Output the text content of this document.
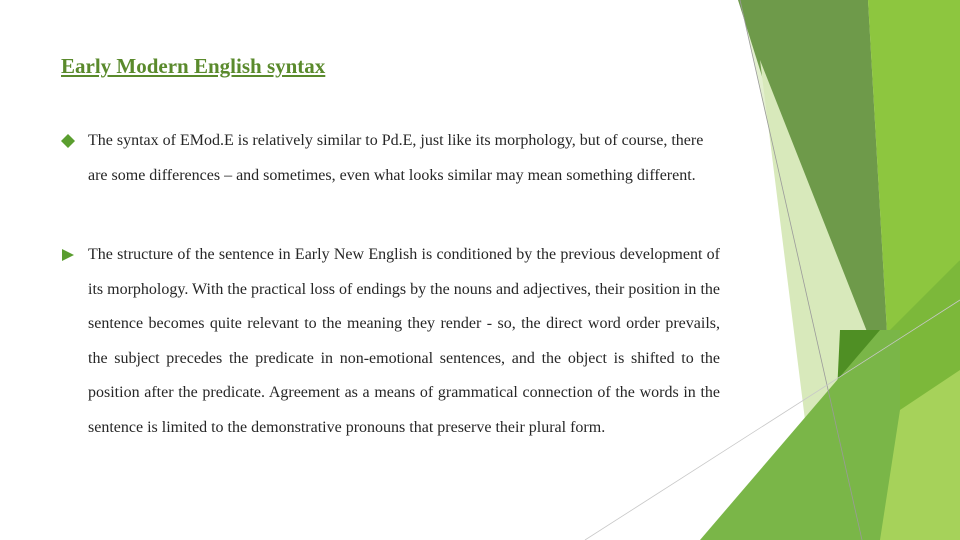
Early Modern English syntax
The syntax of EMod.E is relatively similar to Pd.E, just like its morphology, but of course, there are some differences – and sometimes, even what looks similar may mean something different.
The structure of the sentence in Early New English is conditioned by the previous development of its morphology. With the practical loss of endings by the nouns and adjectives, their position in the sentence becomes quite relevant to the meaning they render - so, the direct word order prevails, the subject precedes the predicate in non-emotional sentences, and the object is shifted to the position after the predicate. Agreement as a means of grammatical connection of the words in the sentence is limited to the demonstrative pronouns that preserve their plural form.
